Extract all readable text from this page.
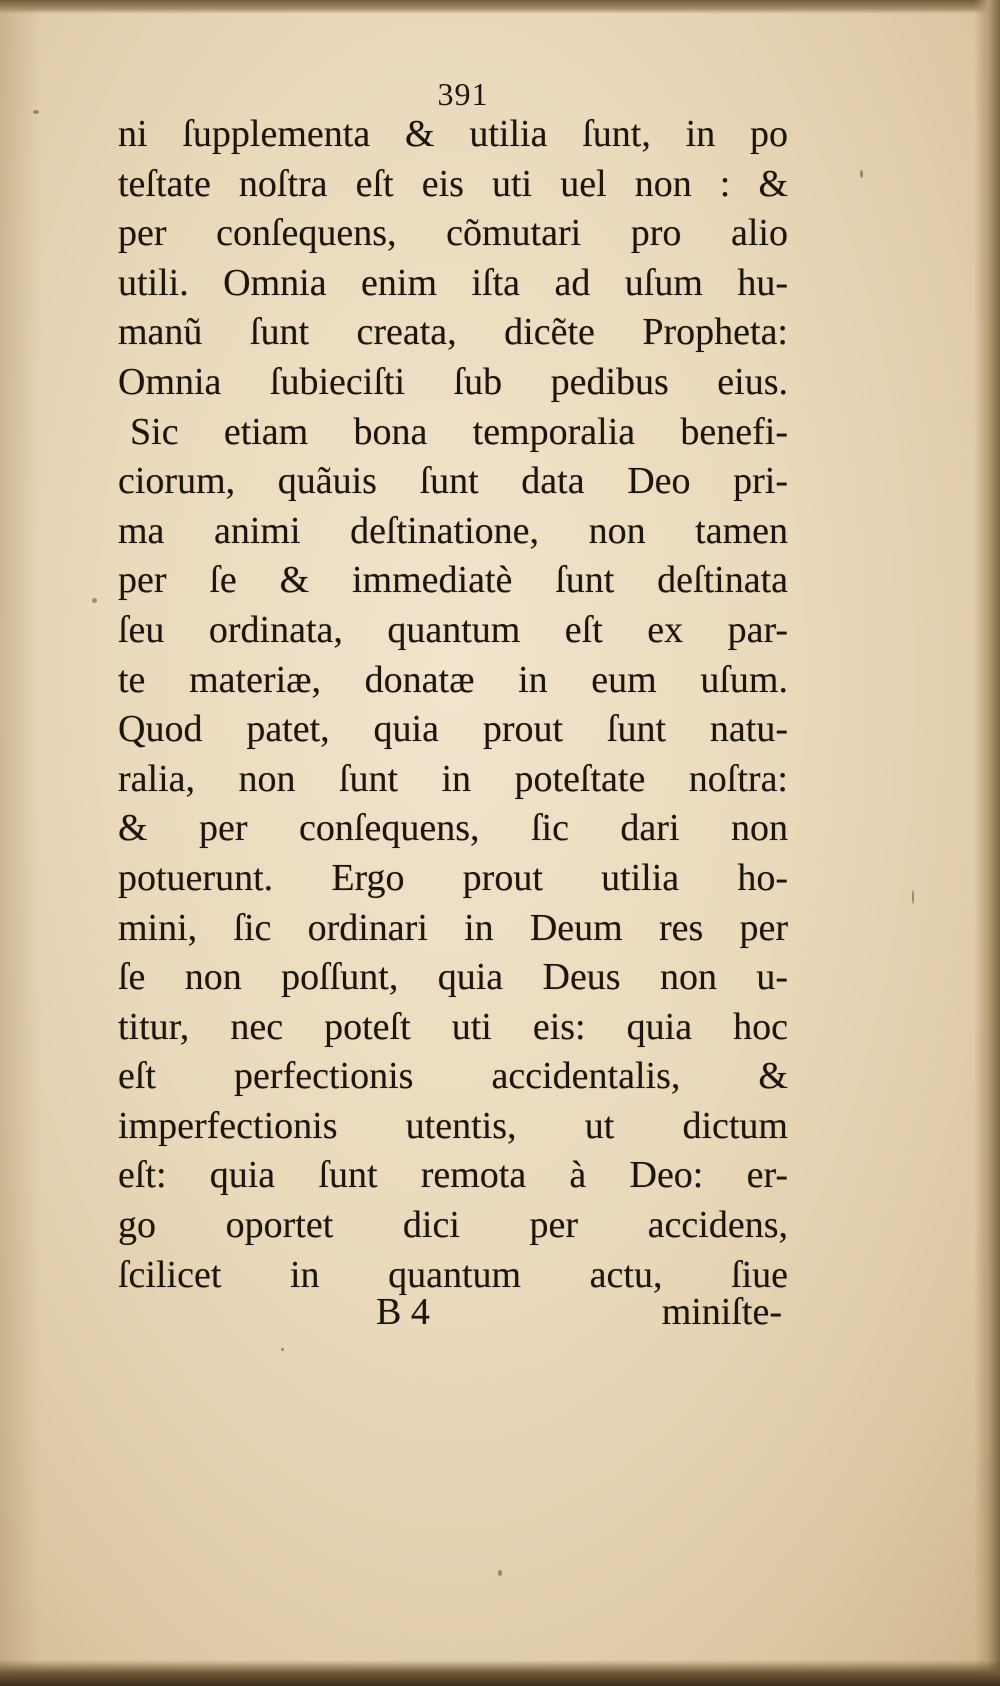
391
ni ſupplementa & utilia ſunt, in po
teſtate noſtra eſt eis uti uel non : &
per conſequens, cõmutari pro alio
utili. Omnia enim iſta ad uſum hu-
manũ ſunt creata, dicẽte Propheta:
Omnia ſubieciſti ſub pedibus eius.
Sic etiam bona temporalia benefi-
ciorum, quãuis ſunt data Deo pri-
ma animi deſtinatione, non tamen
per ſe & immediatè ſunt deſtinata
ſeu ordinata, quantum eſt ex par-
te materiæ, donatæ in eum uſum.
Quod patet, quia prout ſunt natu-
ralia, non ſunt in poteſtate noſtra:
& per conſequens, ſic dari non
potuerunt. Ergo prout utilia ho-
mini, ſic ordinari in Deum res per
ſe non poſſunt, quia Deus non u-
titur, nec poteſt uti eis: quia hoc
eſt perfectionis accidentalis, &
imperfectionis utentis, ut dictum
eſt: quia ſunt remota à Deo: er-
go oportet dici per accidens,
ſcilicet in quantum actu, ſiue
B 4	miniſte-
